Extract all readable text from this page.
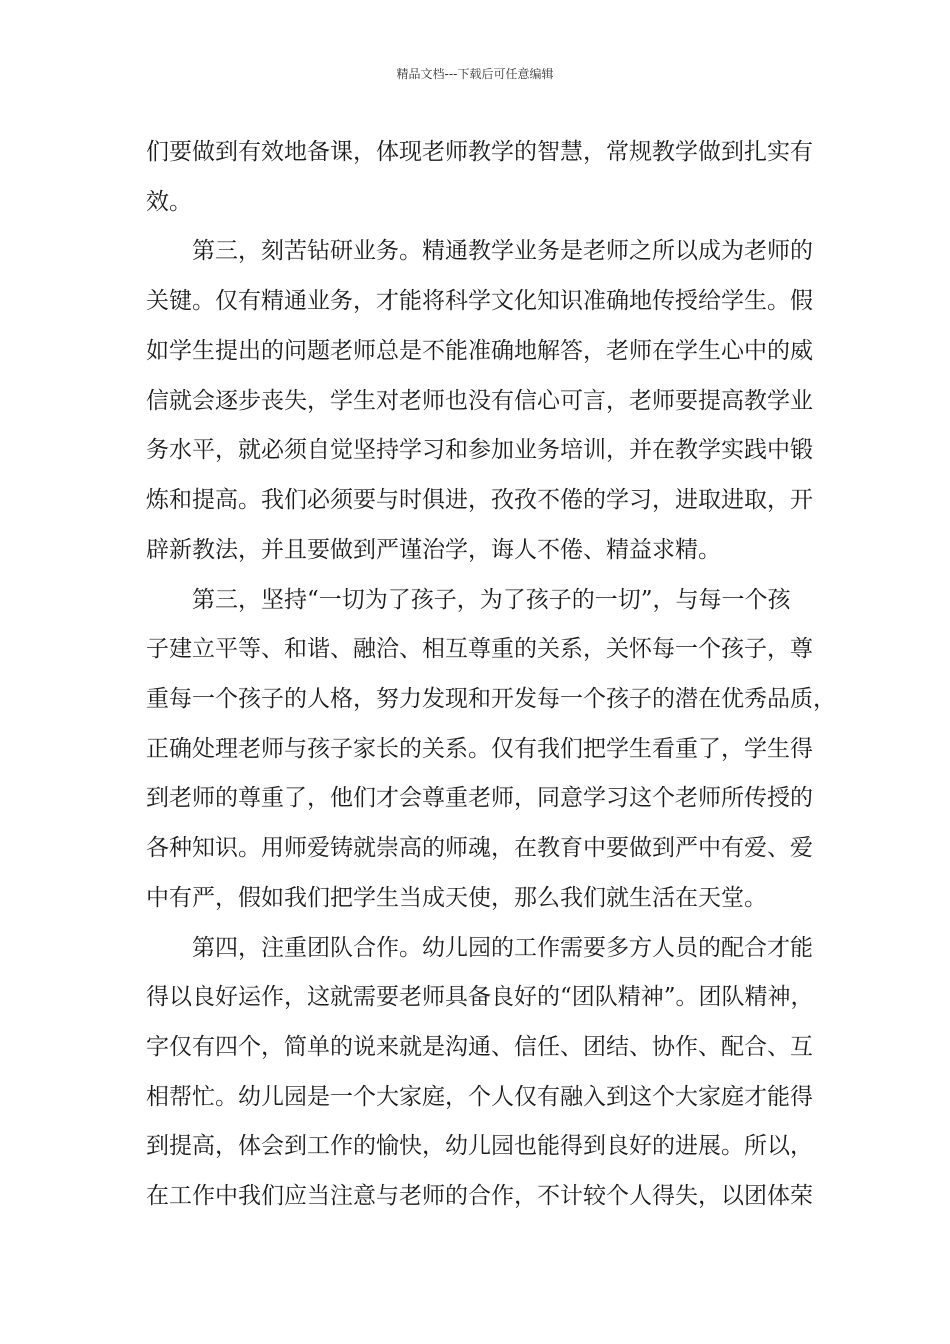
精品文档---下载后可任意编辑
们要做到有效地备课，体现老师教学的智慧，常规教学做到扎实有
效。
第三，刻苦钻研业务。精通教学业务是老师之所以成为老师的
关键。仅有精通业务，才能将科学文化知识准确地传授给学生。假
如学生提出的问题老师总是不能准确地解答，老师在学生心中的威
信就会逐步丧失，学生对老师也没有信心可言，老师要提高教学业
务水平，就必须自觉坚持学习和参加业务培训，并在教学实践中锻
炼和提高。我们必须要与时俱进，孜孜不倦的学习，进取进取，开
辟新教法，并且要做到严谨治学，诲人不倦、精益求精。
第三，坚持“一切为了孩子，为了孩子的一切”，与每一个孩
子建立平等、和谐、融洽、相互尊重的关系，关怀每一个孩子，尊
重每一个孩子的人格，努力发现和开发每一个孩子的潜在优秀品质，
正确处理老师与孩子家长的关系。仅有我们把学生看重了，学生得
到老师的尊重了，他们才会尊重老师，同意学习这个老师所传授的
各种知识。用师爱铸就崇高的师魂，在教育中要做到严中有爱、爱
中有严，假如我们把学生当成天使，那么我们就生活在天堂。
第四，注重团队合作。幼儿园的工作需要多方人员的配合才能
得以良好运作，这就需要老师具备良好的“团队精神”。团队精神，
字仅有四个，简单的说来就是沟通、信任、团结、协作、配合、互
相帮忙。幼儿园是一个大家庭，个人仅有融入到这个大家庭才能得
到提高，体会到工作的愉快，幼儿园也能得到良好的进展。所以，
在工作中我们应当注意与老师的合作，不计较个人得失，以团体荣
